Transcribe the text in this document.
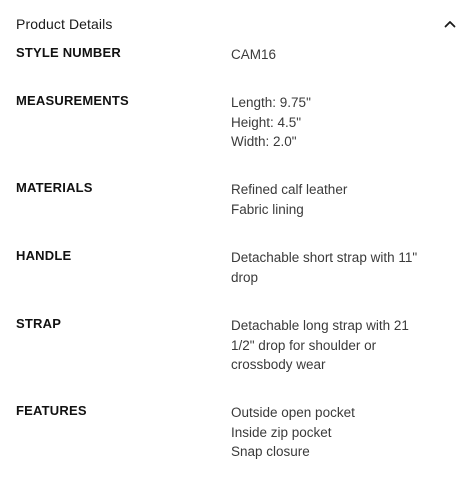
Product Details
STYLE NUMBER	CAM16
MEASUREMENTS	Length: 9.75"
Height: 4.5"
Width: 2.0"
MATERIALS	Refined calf leather
Fabric lining
HANDLE	Detachable short strap with 11"
drop
STRAP	Detachable long strap with 21
1/2" drop for shoulder or
crossbody wear
FEATURES	Outside open pocket
Inside zip pocket
Snap closure
